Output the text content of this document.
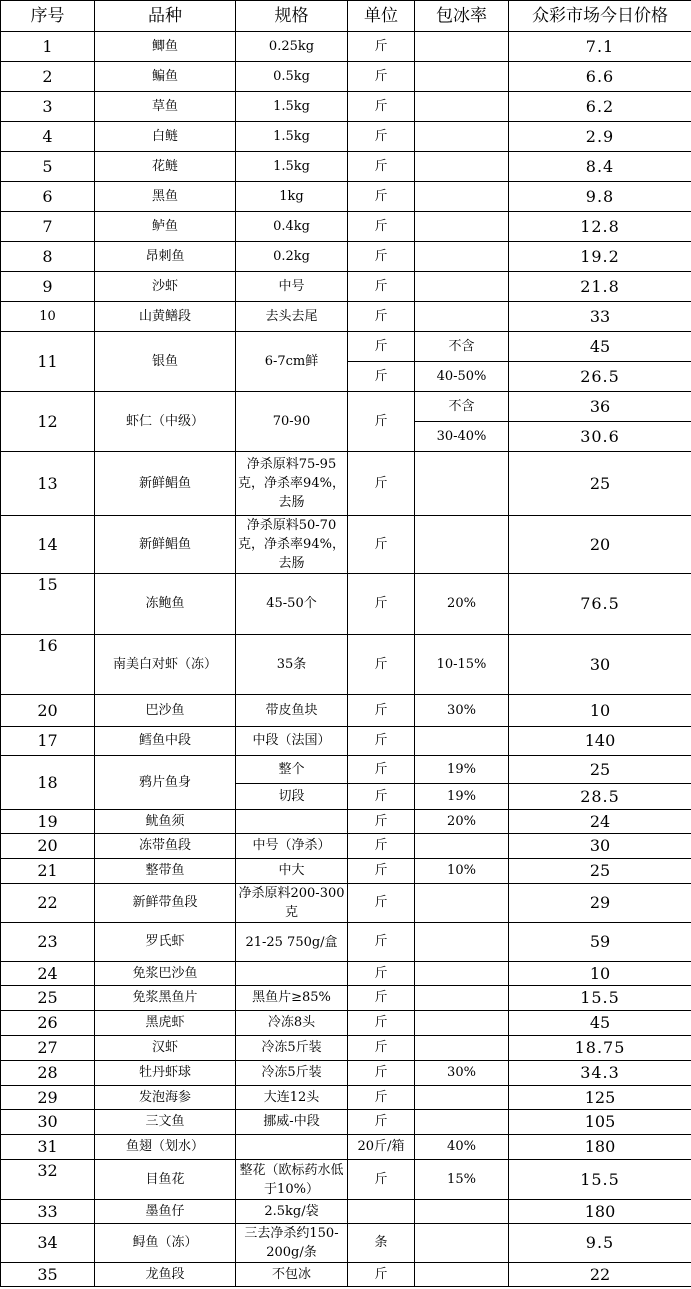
序号	品种	规格	单位	包冰率	众彩市场今日价格
1	鲫鱼	0.25kg	斤		7.1
2	鳊鱼	0.5kg	斤		6.6
3	草鱼	1.5kg	斤		6.2
4	白鲢	1.5kg	斤		2.9
5	花鲢	1.5kg	斤		8.4
6	黑鱼	1kg	斤		9.8
7	鲈鱼	0.4kg	斤		12.8
8	昂刺鱼	0.2kg	斤		19.2
9	沙虾	中号	斤		21.8
10	山黄鳝段	去头去尾	斤		33
11	银鱼	6-7cm鲜	斤	不含	45
			斤	40-50%	26.5
12	虾仁（中级）	70-90	斤	不含	36
				30-40%	30.6
13	新鲜鲳鱼	净杀原料75-95克，净杀率94%，去肠	斤		25
14	新鲜鲳鱼	净杀原料50-70克，净杀率94%，去肠	斤		20
15	冻鲍鱼	45-50个	斤	20%	76.5
16	南美白对虾（冻）	35条	斤	10-15%	30
20	巴沙鱼	带皮鱼块	斤	30%	10
17	鳕鱼中段	中段（法国）	斤		140
18	鸦片鱼身	整个	斤	19%	25
		切段	斤	19%	28.5
19	鱿鱼须		斤	20%	24
20	冻带鱼段	中号（净杀）	斤		30
21	整带鱼	中大	斤	10%	25
22	新鲜带鱼段	净杀原料200-300克	斤		29
23	罗氏虾	21-25 750g/盒	斤		59
24	免浆巴沙鱼		斤		10
25	免浆黑鱼片	黑鱼片≥85%	斤		15.5
26	黑虎虾	冷冻8头	斤		45
27	汉虾	冷冻5斤装	斤		18.75
28	牡丹虾球	冷冻5斤装	斤	30%	34.3
29	发泡海参	大连12头	斤		125
30	三文鱼	挪威-中段	斤		105
31	鱼翅（划水）		20斤/箱	40%	180
32	目鱼花	整花（欧标药水低于10%）	斤	15%	15.5
33	墨鱼仔	2.5kg/袋			180
34	鲟鱼（冻）	三去净杀约150-200g/条	条		9.5
35	龙鱼段	不包冰	斤		22
